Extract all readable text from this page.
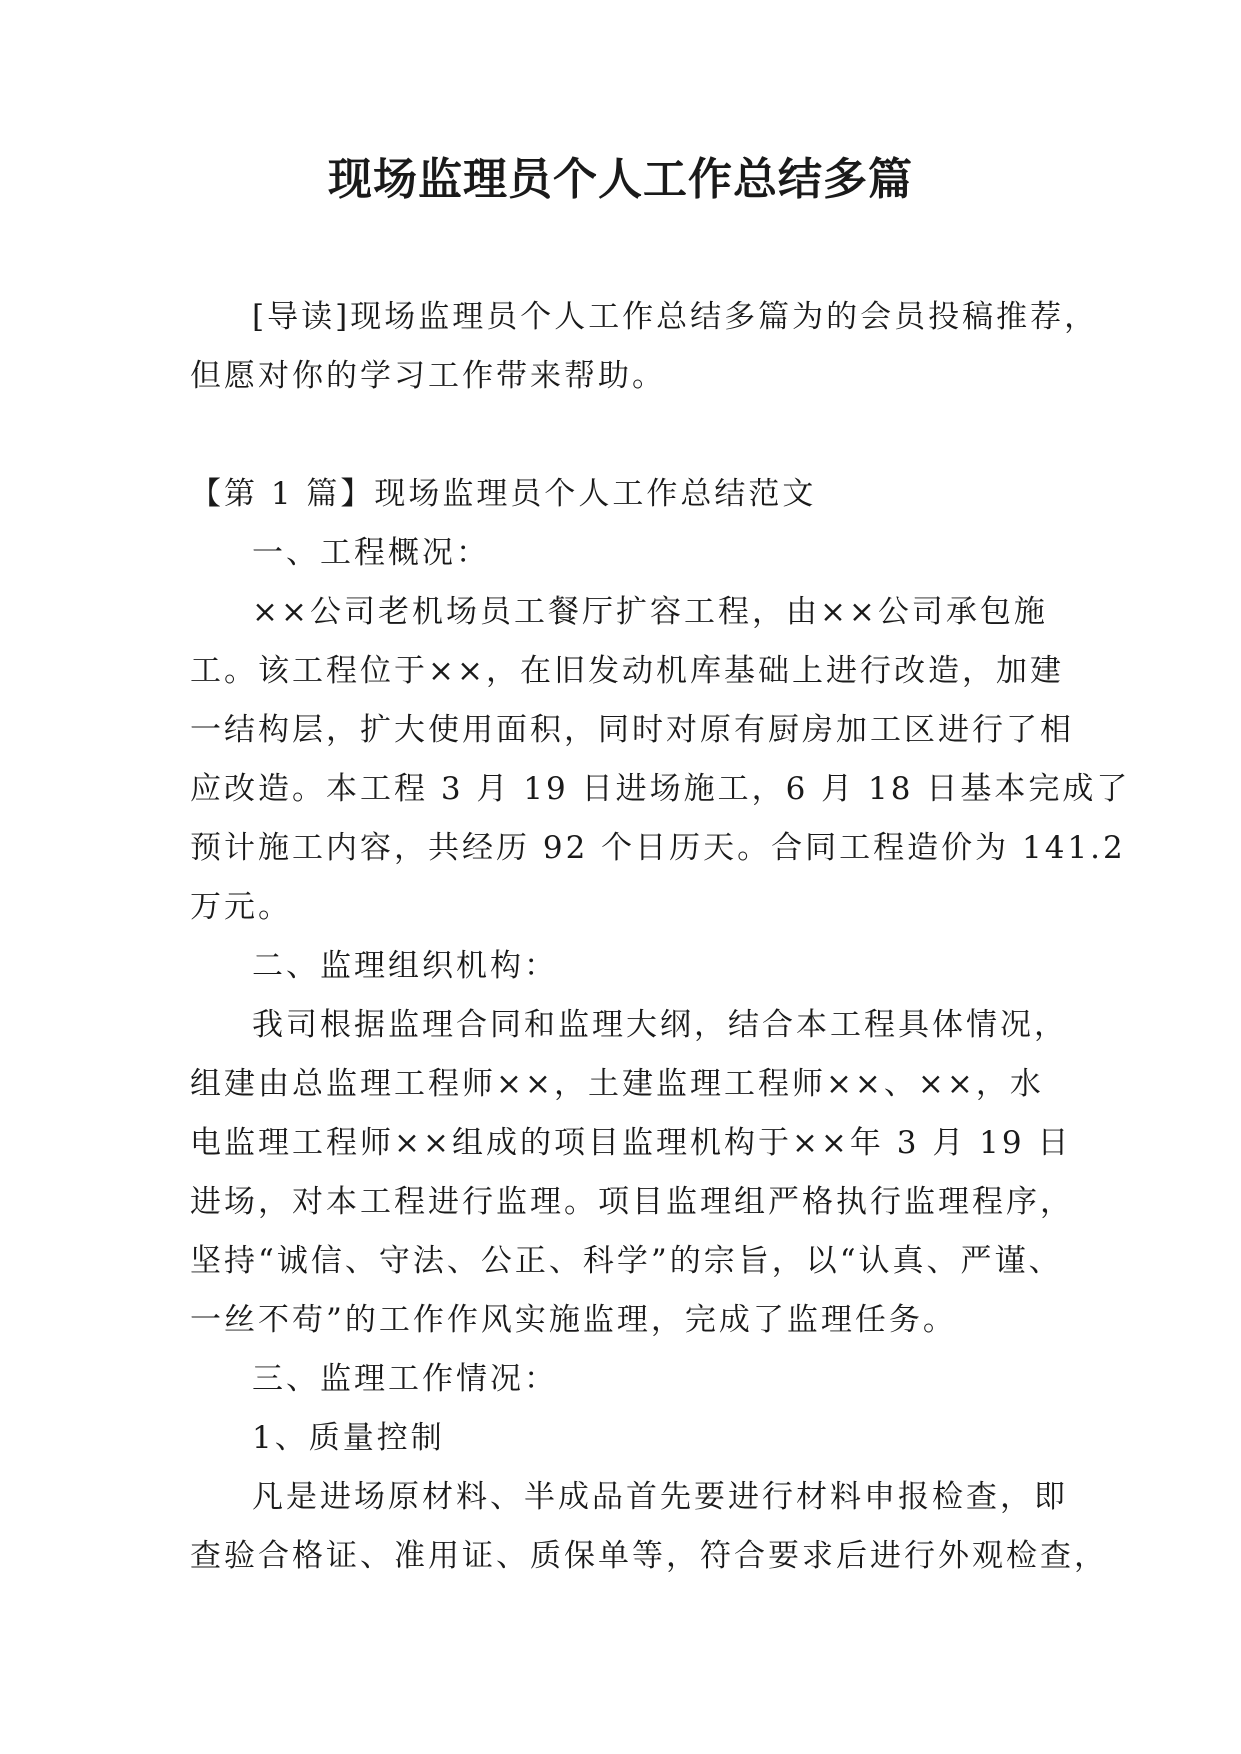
现场监理员个人工作总结多篇

[导读]现场监理员个人工作总结多篇为的会员投稿推荐，
但愿对你的学习工作带来帮助。

【第 1 篇】现场监理员个人工作总结范文

一、工程概况：

××公司老机场员工餐厅扩容工程，由××公司承包施
工。该工程位于××，在旧发动机库基础上进行改造，加建
一结构层，扩大使用面积，同时对原有厨房加工区进行了相
应改造。本工程 3 月 19 日进场施工，6 月 18 日基本完成了
预计施工内容，共经历 92 个日历天。合同工程造价为 141.2
万元。

二、监理组织机构：

我司根据监理合同和监理大纲，结合本工程具体情况，
组建由总监理工程师××，土建监理工程师××、××，水
电监理工程师××组成的项目监理机构于××年 3 月 19 日
进场，对本工程进行监理。项目监理组严格执行监理程序，
坚持“诚信、守法、公正、科学”的宗旨，以“认真、严谨、
一丝不苟”的工作作风实施监理，完成了监理任务。

三、监理工作情况：

1、质量控制

凡是进场原材料、半成品首先要进行材料申报检查，即
查验合格证、准用证、质保单等，符合要求后进行外观检查，
